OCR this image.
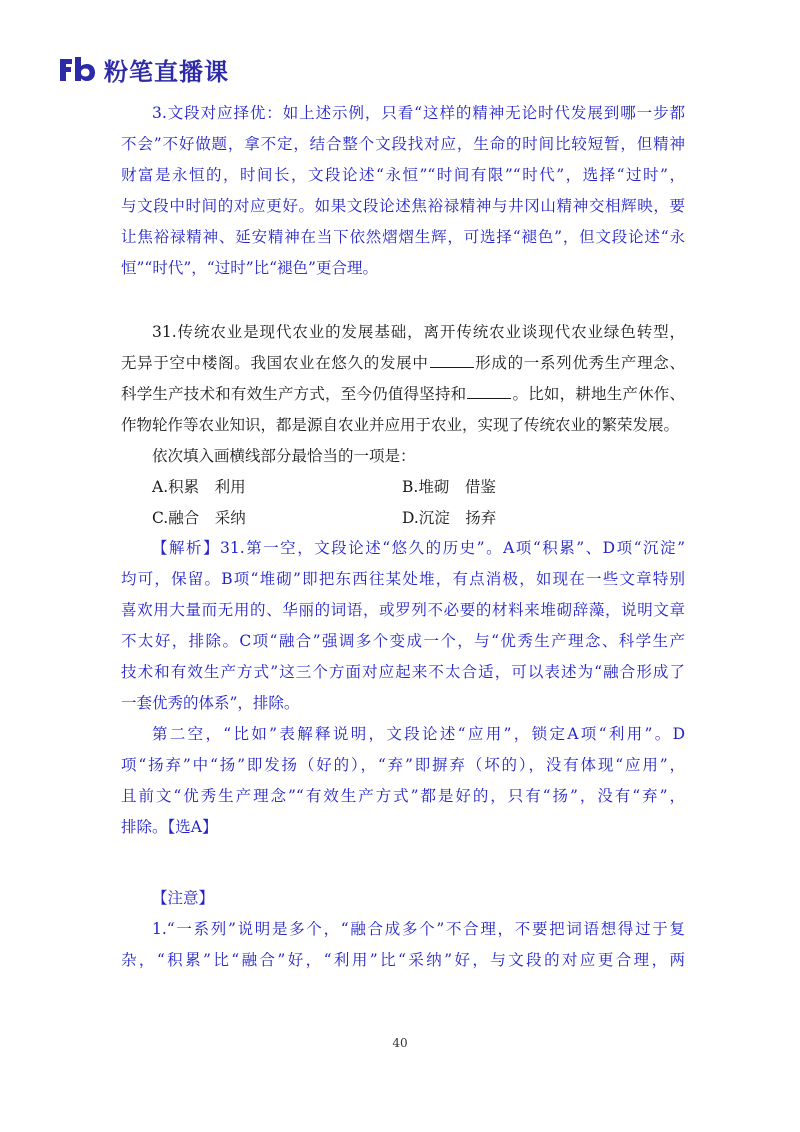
粉笔直播课
3.文段对应择优：如上述示例，只看“这样的精神无论时代发展到哪一步都
不会”不好做题，拿不定，结合整个文段找对应，生命的时间比较短暂，但精神
财富是永恒的，时间长，文段论述“永恒”“时间有限”“时代”，选择“过时”，
与文段中时间的对应更好。如果文段论述焦裕禄精神与井冈山精神交相辉映，要
让焦裕禄精神、延安精神在当下依然熠熠生辉，可选择“褪色”，但文段论述“永
恒”“时代”，“过时”比“褪色”更合理。
31.传统农业是现代农业的发展基础，离开传统农业谈现代农业绿色转型，
无异于空中楼阁。我国农业在悠久的发展中	形成的一系列优秀生产理念、
科学生产技术和有效生产方式，至今仍值得坚持和	。比如，耕地生产休作、
作物轮作等农业知识，都是源自农业并应用于农业，实现了传统农业的繁荣发展。
依次填入画横线部分最恰当的一项是：
A.积累　利用	B.堆砌　借鉴
C.融合　采纳	D.沉淀　扬弃
【解析】31.第一空，文段论述“悠久的历史”。A项“积累”、D项“沉淀”
均可，保留。B项“堆砌”即把东西往某处堆，有点消极，如现在一些文章特别
喜欢用大量而无用的、华丽的词语，或罗列不必要的材料来堆砌辞藻，说明文章
不太好，排除。C项“融合”强调多个变成一个，与“优秀生产理念、科学生产
技术和有效生产方式”这三个方面对应起来不太合适，可以表述为“融合形成了
一套优秀的体系”，排除。
第二空，“比如”表解释说明，文段论述“应用”，锁定A项“利用”。D
项“扬弃”中“扬”即发扬（好的），“弃”即摒弃（坏的），没有体现“应用”，
且前文“优秀生产理念”“有效生产方式”都是好的，只有“扬”，没有“弃”，
排除。【选A】
【注意】
1.“一系列”说明是多个，“融合成多个”不合理，不要把词语想得过于复
杂，“积累”比“融合”好，“利用”比“采纳”好，与文段的对应更合理，两
40
